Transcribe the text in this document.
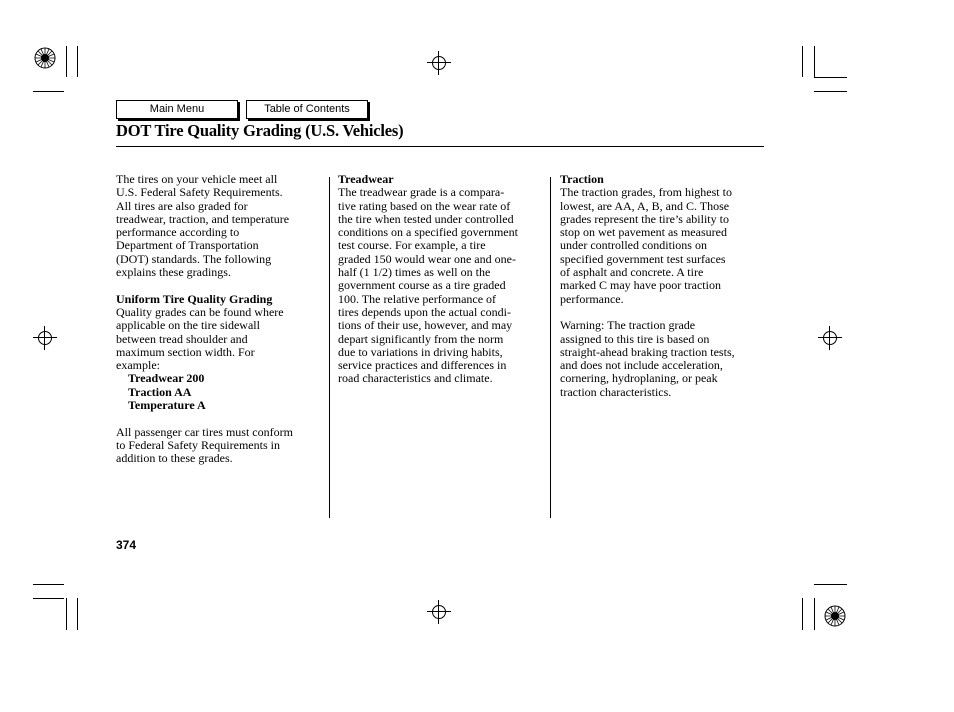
Main Menu	Table of Contents
DOT Tire Quality Grading (U.S. Vehicles)

The tires on your vehicle meet all

U.S. Federal Safety Requirements.

All tires are also graded for

treadwear, traction, and temperature

performance according to

Department of Transportation

(DOT) standards. The following

explains these gradings.

Uniform Tire Quality Grading

Quality grades can be found where

applicable on the tire sidewall

between tread shoulder and

maximum section width. For

example:

Treadwear 200

Traction AA

Temperature A

All passenger car tires must conform

to Federal Safety Requirements in

addition to these grades.

Treadwear

The treadwear grade is a compara-

tive rating based on the wear rate of

the tire when tested under controlled

conditions on a specified government

test course. For example, a tire

graded 150 would wear one and one-

half (1 1/2) times as well on the

government course as a tire graded

100. The relative performance of

tires depends upon the actual condi-

tions of their use, however, and may

depart significantly from the norm

due to variations in driving habits,

service practices and differences in

road characteristics and climate.

Traction

The traction grades, from highest to

lowest, are AA, A, B, and C. Those

grades represent the tire’s ability to

stop on wet pavement as measured

under controlled conditions on

specified government test surfaces

of asphalt and concrete. A tire

marked C may have poor traction

performance.

Warning: The traction grade

assigned to this tire is based on

straight-ahead braking traction tests,

and does not include acceleration,

cornering, hydroplaning, or peak

traction characteristics.

374
